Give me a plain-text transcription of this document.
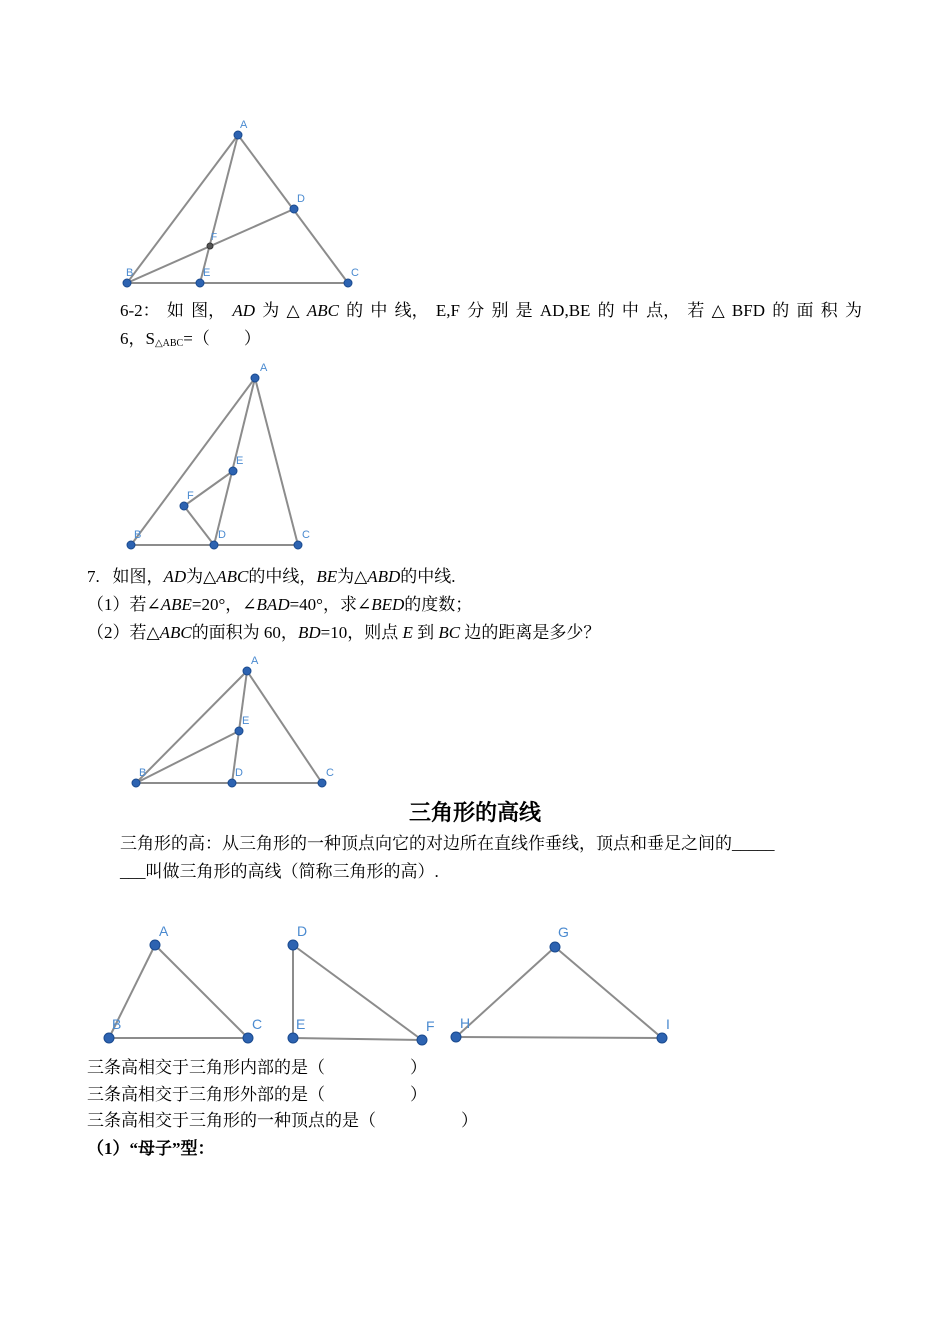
A
B	C
D
E
F
6-2： 如 图， AD 为 △ ABC 的 中 线， E,F 分 别 是 AD,BE 的 中 点， 若 △ BFD 的 面 积 为
6，$S_{\triangle ABC}=$（　　）
A
B	C
D
E
F
7. 如图，AD为△ABC的中线，BE为△ABD的中线.
（1）若∠ABE=20°，∠BAD=40°，求∠BED的度数；
（2）若△ABC的面积为 60，BD=10，则点 E 到 BC 边的距离是多少？
A
B	C
D
E
三角形的高线
三角形的高：从三角形的一种顶点向它的对边所在直线作垂线，顶点和垂足之间的_____
___叫做三角形的高线（简称三角形的高）.
A
B	C
D
E	F
G
H	I
三条高相交于三角形内部的是（　　　　　）
三条高相交于三角形外部的是（　　　　　）
三条高相交于三角形的一种顶点的是（　　　　　）
（1）“母子”型：
